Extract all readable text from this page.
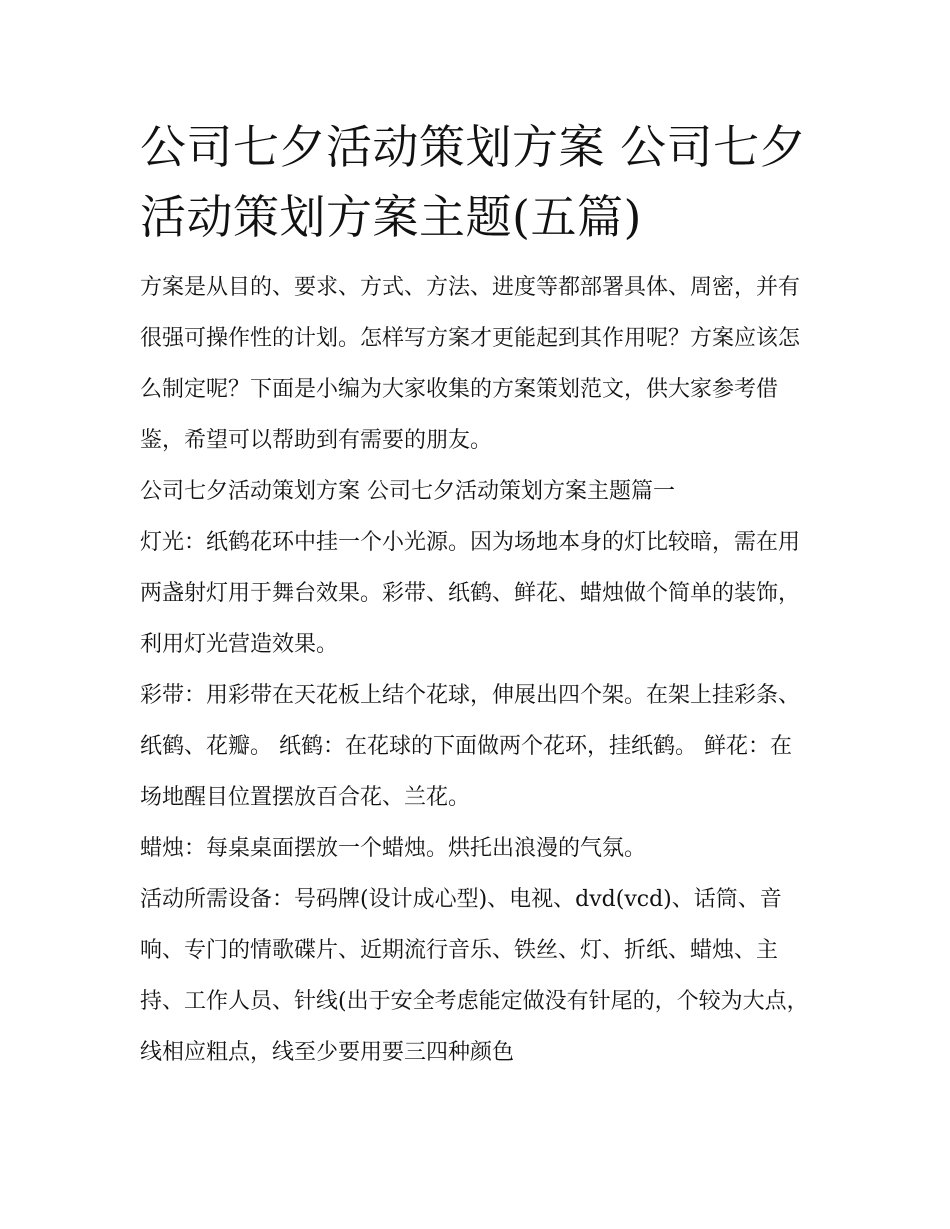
公司七夕活动策划方案 公司七夕活动策划方案主题(五篇)

方案是从目的、要求、方式、方法、进度等都部署具体、周密，并有很强可操作性的计划。怎样写方案才更能起到其作用呢？方案应该怎么制定呢？下面是小编为大家收集的方案策划范文，供大家参考借鉴，希望可以帮助到有需要的朋友。

公司七夕活动策划方案 公司七夕活动策划方案主题篇一

灯光：纸鹤花环中挂一个小光源。因为场地本身的灯比较暗，需在用两盏射灯用于舞台效果。彩带、纸鹤、鲜花、蜡烛做个简单的装饰，利用灯光营造效果。

彩带：用彩带在天花板上结个花球，伸展出四个架。在架上挂彩条、纸鹤、花瓣。 纸鹤：在花球的下面做两个花环，挂纸鹤。 鲜花：在场地醒目位置摆放百合花、兰花。

蜡烛：每桌桌面摆放一个蜡烛。烘托出浪漫的气氛。

活动所需设备：号码牌(设计成心型)、电视、dvd(vcd)、话筒、音响、专门的情歌碟片、近期流行音乐、铁丝、灯、折纸、蜡烛、主持、工作人员、针线(出于安全考虑能定做没有针尾的，个较为大点，线相应粗点，线至少要用要三四种颜色
